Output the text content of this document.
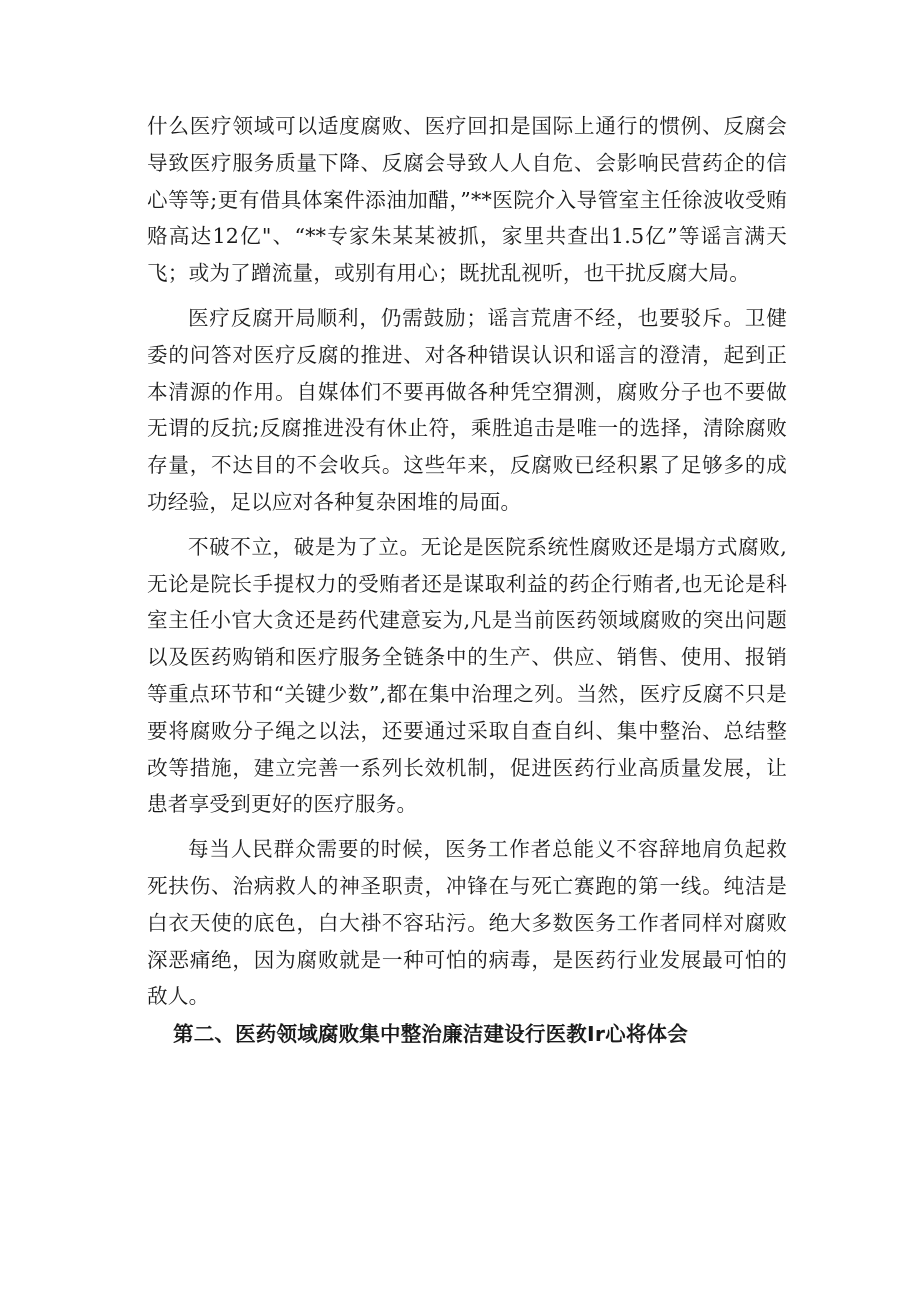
什么医疗领域可以适度腐败、医疗回扣是国际上通行的惯例、反腐会导致医疗服务质量下降、反腐会导致人人自危、会影响民营药企的信心等等;更有借具体案件添油加醋，”**医院介入导管室主任徐波收受贿赂高达12亿"、“**专家朱某某被抓，家里共查出1.5亿”等谣言满天飞；或为了蹭流量，或别有用心；既扰乱视听，也干扰反腐大局。

医疗反腐开局顺利，仍需鼓励；谣言荒唐不经，也要驳斥。卫健委的问答对医疗反腐的推进、对各种错误认识和谣言的澄清，起到正本清源的作用。自媒体们不要再做各种凭空猬测，腐败分子也不要做无谓的反抗;反腐推进没有休止符，乘胜追击是唯一的选择，清除腐败存量，不达目的不会收兵。这些年来，反腐败已经积累了足够多的成功经验，足以应对各种复杂困堆的局面。

不破不立，破是为了立。无论是医院系统性腐败还是塌方式腐败,无论是院长手提权力的受贿者还是谋取利益的药企行贿者,也无论是科室主任小官大贪还是药代建意妄为,凡是当前医药领域腐败的突出问题以及医药购销和医疗服务全链条中的生产、供应、销售、使用、报销等重点环节和“关键少数”,都在集中治理之列。当然，医疗反腐不只是要将腐败分子绳之以法，还要通过采取自查自纠、集中整治、总结整改等措施，建立完善一系列长效机制，促进医药行业高质量发展，让患者享受到更好的医疗服务。

每当人民群众需要的时候，医务工作者总能义不容辞地肩负起救死扶伤、治病救人的神圣职责，冲锋在与死亡赛跑的第一线。纯洁是白衣天使的底色，白大褂不容玷污。绝大多数医务工作者同样对腐败深恶痛绝，因为腐败就是一种可怕的病毒，是医药行业发展最可怕的敌人。

第二、医药领域腐败集中整治廉洁建设行医教Ir心将体会
